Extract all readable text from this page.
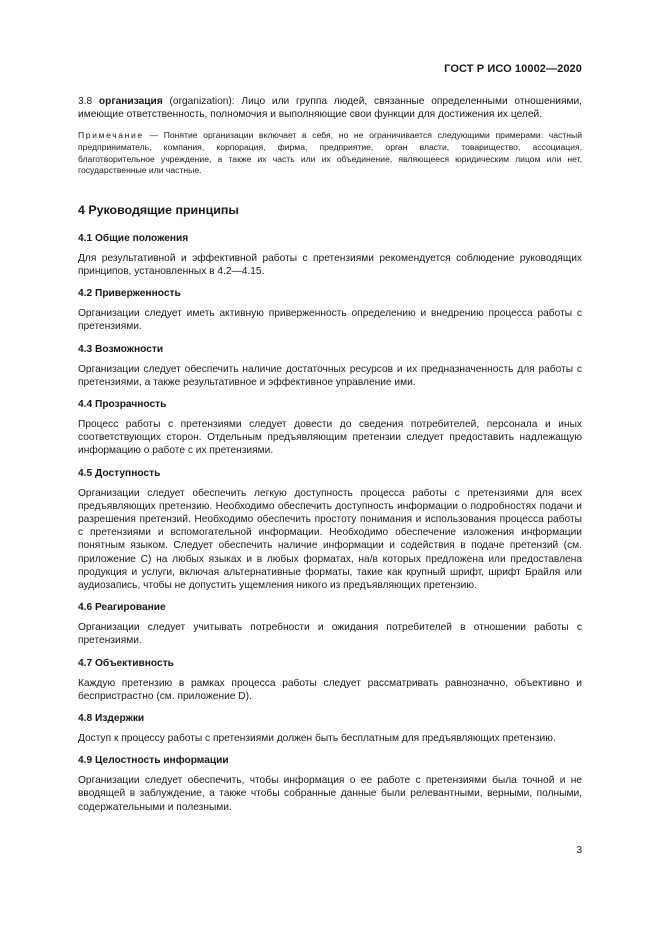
ГОСТ Р ИСО 10002—2020

3.8 организация (organization): Лицо или группа людей, связанные определенными отношениями, имеющие ответственность, полномочия и выполняющие свои функции для достижения их целей.

Примечание — Понятие организации включает в себя, но не ограничивается следующими примерами: частный предприниматель, компания, корпорация, фирма, предприятие, орган власти, товарищество, ассоциация, благотворительное учреждение, а также их часть или их объединение, являющееся юридическим лицом или нет, государственные или частные.

4 Руководящие принципы
4.1 Общие положения

Для результативной и эффективной работы с претензиями рекомендуется соблюдение руководящих принципов, установленных в 4.2—4.15.

4.2 Приверженность

Организации следует иметь активную приверженность определению и внедрению процесса работы с претензиями.

4.3 Возможности

Организации следует обеспечить наличие достаточных ресурсов и их предназначенность для работы с претензиями, а также результативное и эффективное управление ими.

4.4 Прозрачность

Процесс работы с претензиями следует довести до сведения потребителей, персонала и иных соответствующих сторон. Отдельным предъявляющим претензии следует предоставить надлежащую информацию о работе с их претензиями.

4.5 Доступность

Организации следует обеспечить легкую доступность процесса работы с претензиями для всех предъявляющих претензию. Необходимо обеспечить доступность информации о подробностях подачи и разрешения претензий. Необходимо обеспечить простоту понимания и использования процесса работы с претензиями и вспомогательной информации. Необходимо обеспечение изложения информации понятным языком. Следует обеспечить наличие информации и содействия в подаче претензий (см. приложение С) на любых языках и в любых форматах, на/в которых предложена или предоставлена продукция и услуги, включая альтернативные форматы, такие как крупный шрифт, шрифт Брайля или аудиозапись, чтобы не допустить ущемления никого из предъявляющих претензию.

4.6 Реагирование

Организации следует учитывать потребности и ожидания потребителей в отношении работы с претензиями.

4.7 Объективность

Каждую претензию в рамках процесса работы следует рассматривать равнозначно, объективно и беспристрастно (см. приложение D).

4.8 Издержки

Доступ к процессу работы с претензиями должен быть бесплатным для предъявляющих претензию.

4.9 Целостность информации

Организации следует обеспечить, чтобы информация о ее работе с претензиями была точной и не вводящей в заблуждение, а также чтобы собранные данные были релевантными, верными, полными, содержательными и полезными.

3
